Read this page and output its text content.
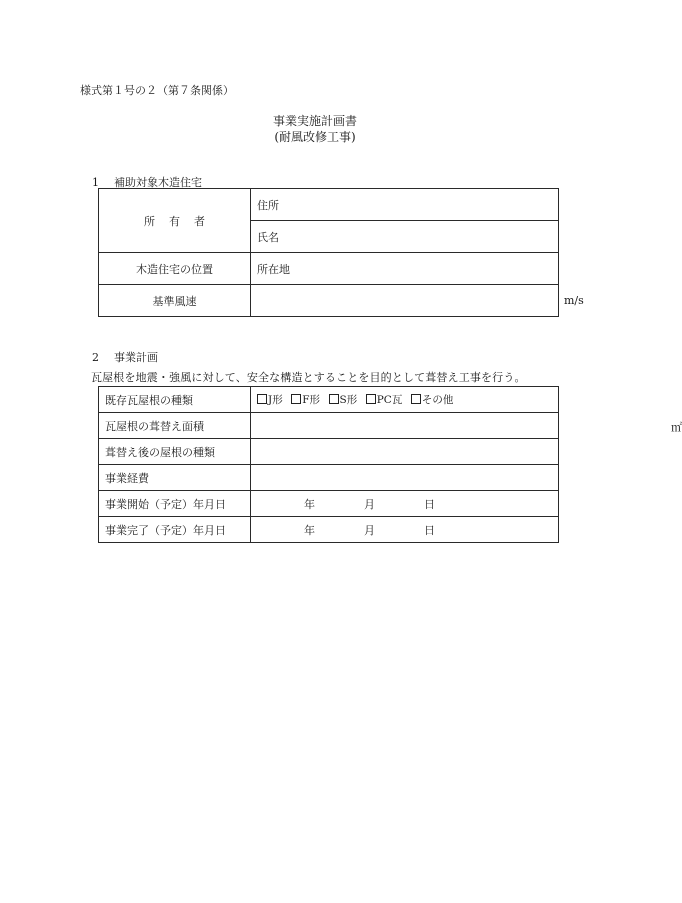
様式第１号の２（第７条関係）
事業実施計画書
(耐風改修工事)
1 補助対象木造住宅
所 有 者	住所
	氏名
木造住宅の位置	所在地
基準風速	m/s
2 事業計画
瓦屋根を地震・強風に対して、安全な構造とすることを目的として葺替え工事を行う。
既存瓦屋根の種類	J形 F形 S形 PC瓦 その他
瓦屋根の葺替え面積	㎡

葺替え後の屋根の種類	
事業経費	
事業開始（予定）年月日	年 月 日
事業完了（予定）年月日	年 月 日
